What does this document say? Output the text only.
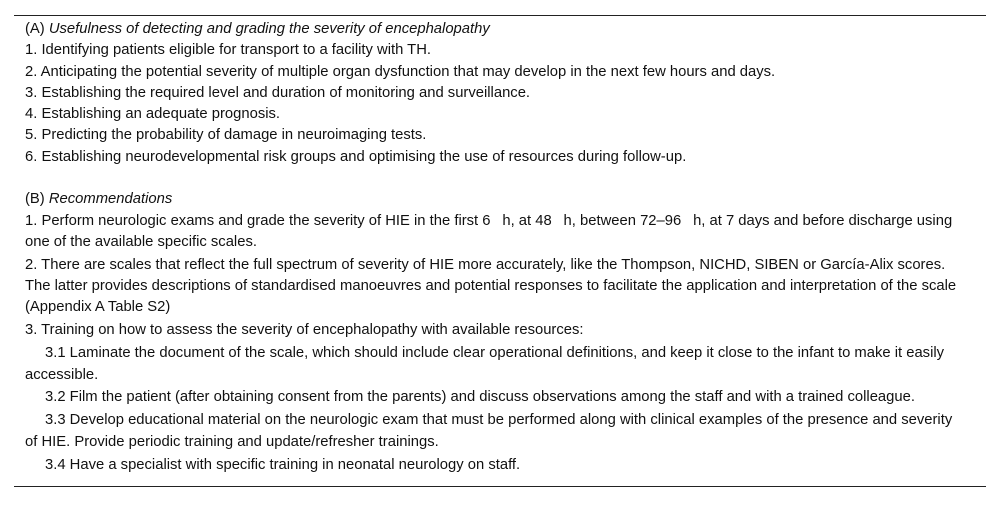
(A) Usefulness of detecting and grading the severity of encephalopathy
1. Identifying patients eligible for transport to a facility with TH.
2. Anticipating the potential severity of multiple organ dysfunction that may develop in the next few hours and days.
3. Establishing the required level and duration of monitoring and surveillance.
4. Establishing an adequate prognosis.
5. Predicting the probability of damage in neuroimaging tests.
6. Establishing neurodevelopmental risk groups and optimising the use of resources during follow-up.
(B) Recommendations
1. Perform neurologic exams and grade the severity of HIE in the first 6    h, at 48    h, between 72–96    h, at 7 days and before discharge using one of the available specific scales.
2. There are scales that reflect the full spectrum of severity of HIE more accurately, like the Thompson, NICHD, SIBEN or García-Alix scores. The latter provides descriptions of standardised manoeuvres and potential responses to facilitate the application and interpretation of the scale (Appendix A Table S2)
3. Training on how to assess the severity of encephalopathy with available resources:
3.1 Laminate the document of the scale, which should include clear operational definitions, and keep it close to the infant to make it easily accessible.
3.2 Film the patient (after obtaining consent from the parents) and discuss observations among the staff and with a trained colleague.
3.3 Develop educational material on the neurologic exam that must be performed along with clinical examples of the presence and severity of HIE. Provide periodic training and update/refresher trainings.
3.4 Have a specialist with specific training in neonatal neurology on staff.
